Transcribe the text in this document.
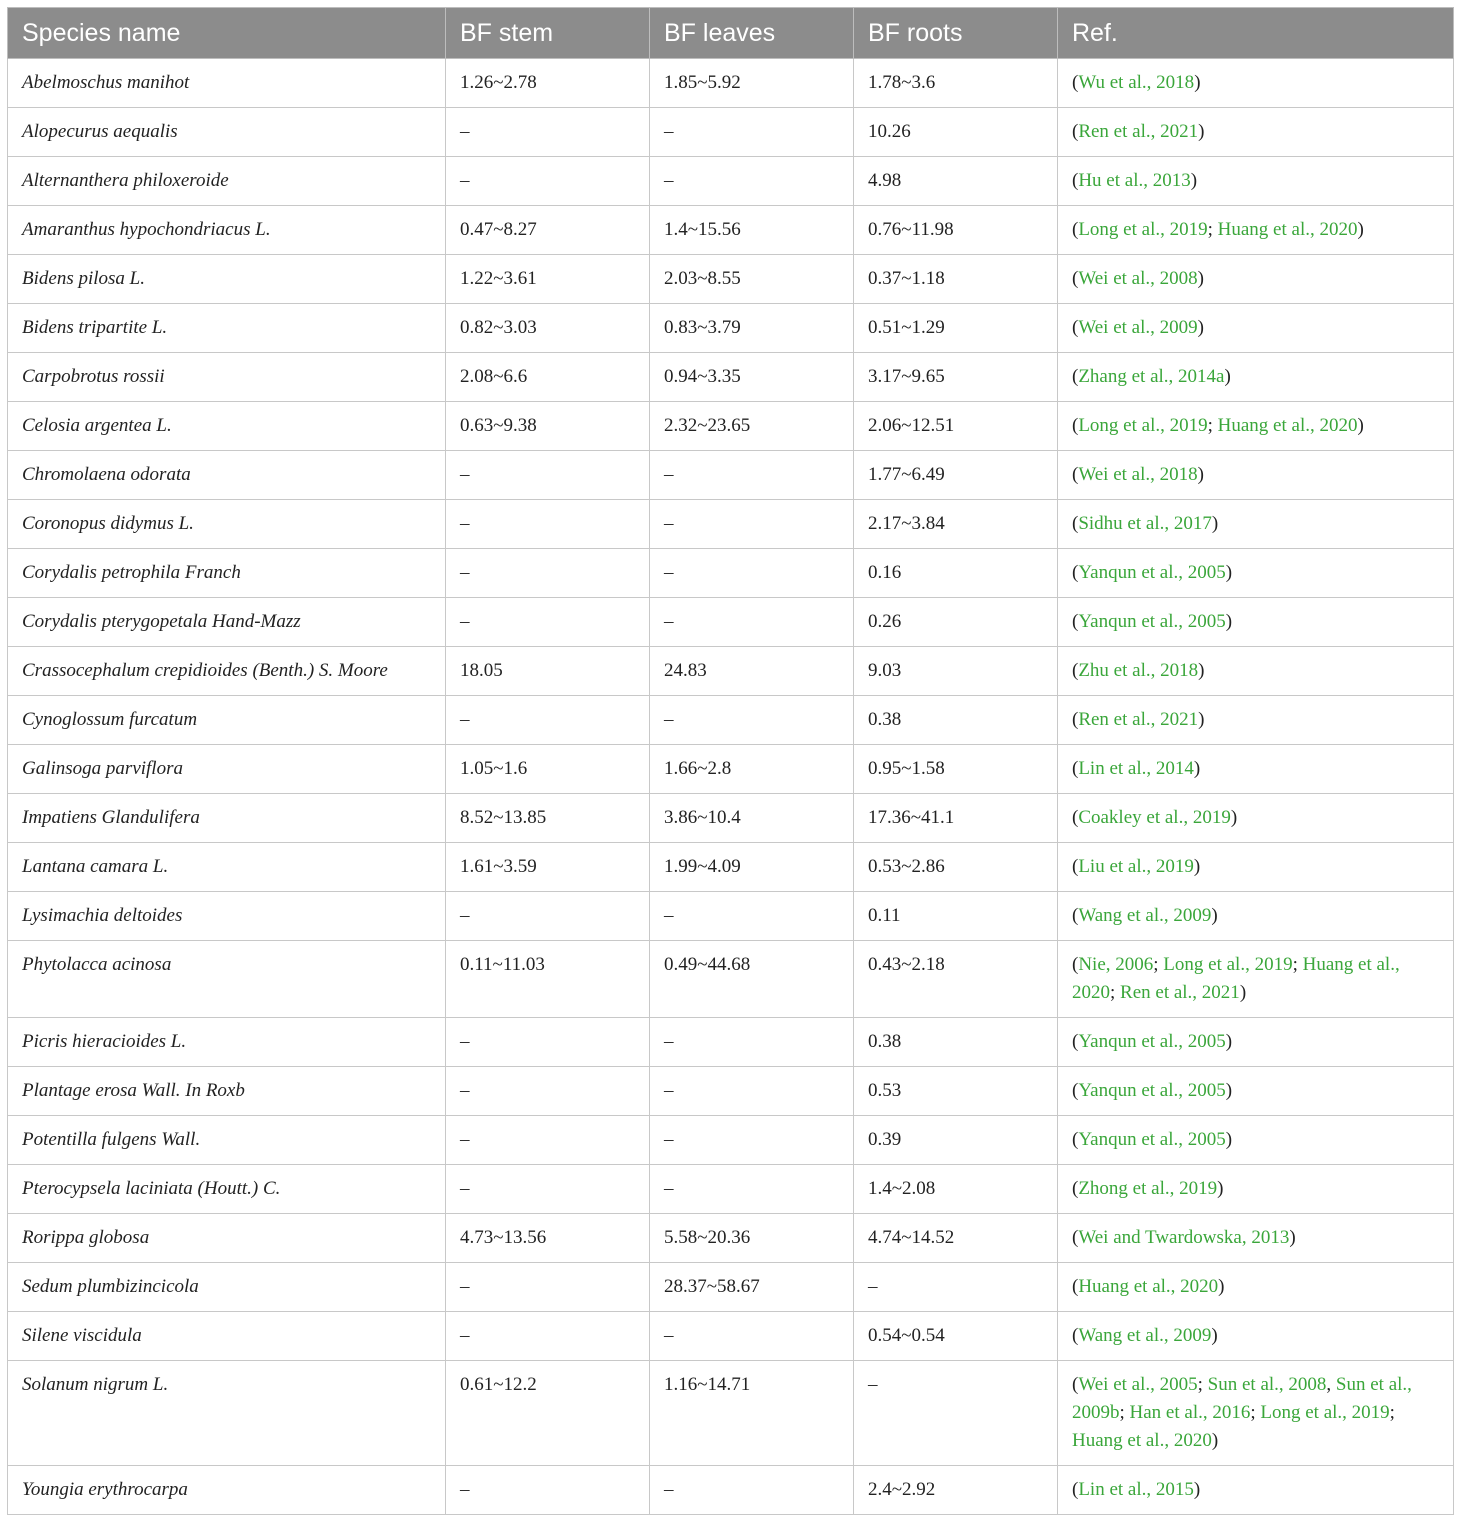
Species name	BF stem	BF leaves	BF roots	Ref.
Abelmoschus manihot	1.26~2.78	1.85~5.92	1.78~3.6	(Wu et al., 2018)
Alopecurus aequalis	–	–	10.26	(Ren et al., 2021)
Alternanthera philoxeroide	–	–	4.98	(Hu et al., 2013)
Amaranthus hypochondriacus L.	0.47~8.27	1.4~15.56	0.76~11.98	(Long et al., 2019; Huang et al., 2020)
Bidens pilosa L.	1.22~3.61	2.03~8.55	0.37~1.18	(Wei et al., 2008)
Bidens tripartite L.	0.82~3.03	0.83~3.79	0.51~1.29	(Wei et al., 2009)
Carpobrotus rossii	2.08~6.6	0.94~3.35	3.17~9.65	(Zhang et al., 2014a)
Celosia argentea L.	0.63~9.38	2.32~23.65	2.06~12.51	(Long et al., 2019; Huang et al., 2020)
Chromolaena odorata	–	–	1.77~6.49	(Wei et al., 2018)
Coronopus didymus L.	–	–	2.17~3.84	(Sidhu et al., 2017)
Corydalis petrophila Franch	–	–	0.16	(Yanqun et al., 2005)
Corydalis pterygopetala Hand-Mazz	–	–	0.26	(Yanqun et al., 2005)
Crassocephalum crepidioides (Benth.) S. Moore	18.05	24.83	9.03	(Zhu et al., 2018)
Cynoglossum furcatum	–	–	0.38	(Ren et al., 2021)
Galinsoga parviflora	1.05~1.6	1.66~2.8	0.95~1.58	(Lin et al., 2014)
Impatiens Glandulifera	8.52~13.85	3.86~10.4	17.36~41.1	(Coakley et al., 2019)
Lantana camara L.	1.61~3.59	1.99~4.09	0.53~2.86	(Liu et al., 2019)
Lysimachia deltoides	–	–	0.11	(Wang et al., 2009)
Phytolacca acinosa	0.11~11.03	0.49~44.68	0.43~2.18	(Nie, 2006; Long et al., 2019; Huang et al., 2020; Ren et al., 2021)
Picris hieracioides L.	–	–	0.38	(Yanqun et al., 2005)
Plantage erosa Wall. In Roxb	–	–	0.53	(Yanqun et al., 2005)
Potentilla fulgens Wall.	–	–	0.39	(Yanqun et al., 2005)
Pterocypsela laciniata (Houtt.) C.	–	–	1.4~2.08	(Zhong et al., 2019)
Rorippa globosa	4.73~13.56	5.58~20.36	4.74~14.52	(Wei and Twardowska, 2013)
Sedum plumbizincicola	–	28.37~58.67	–	(Huang et al., 2020)
Silene viscidula	–	–	0.54~0.54	(Wang et al., 2009)
Solanum nigrum L.	0.61~12.2	1.16~14.71	–	(Wei et al., 2005; Sun et al., 2008, Sun et al., 2009b; Han et al., 2016; Long et al., 2019; Huang et al., 2020)
Youngia erythrocarpa	–	–	2.4~2.92	(Lin et al., 2015)
